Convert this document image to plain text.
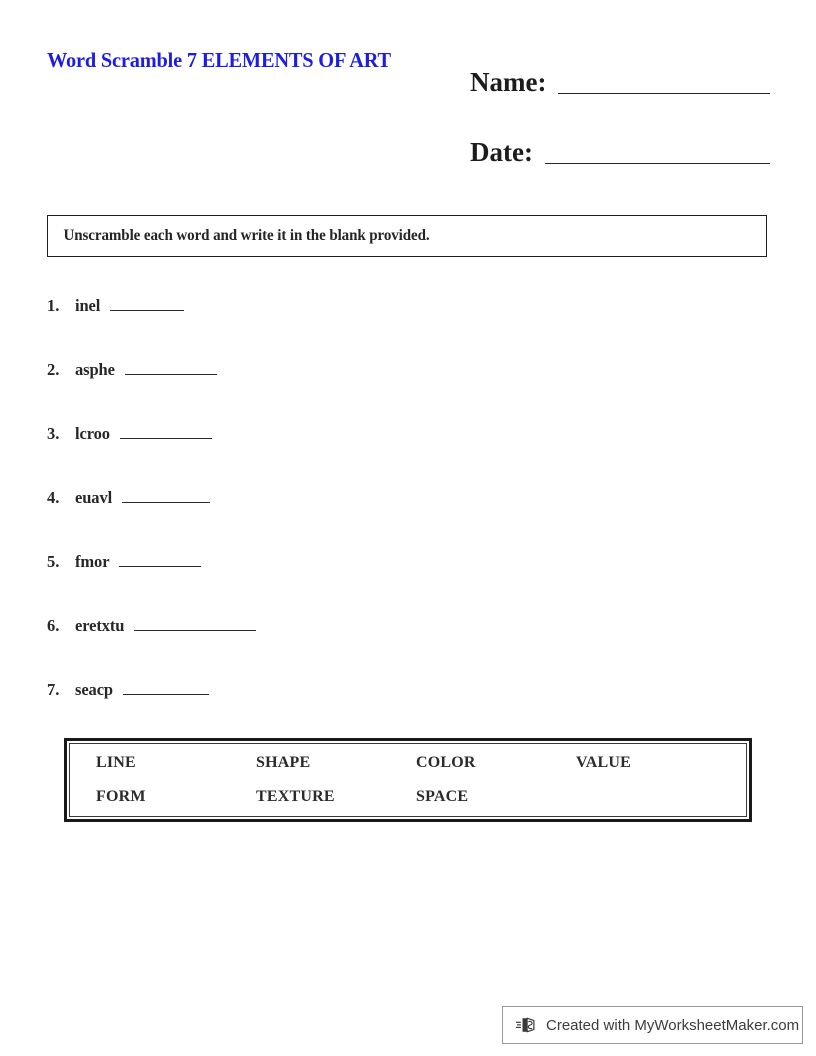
Word Scramble 7 ELEMENTS OF ART
Name:
Date:
Unscramble each word and write it in the blank provided.
1. inel
2. asphe
3. lcroo
4. euavl
5. fmor
6. eretxtu
7. seacp
LINE	SHAPE	COLOR	VALUE
FORM	TEXTURE	SPACE
Created with MyWorksheetMaker.com
